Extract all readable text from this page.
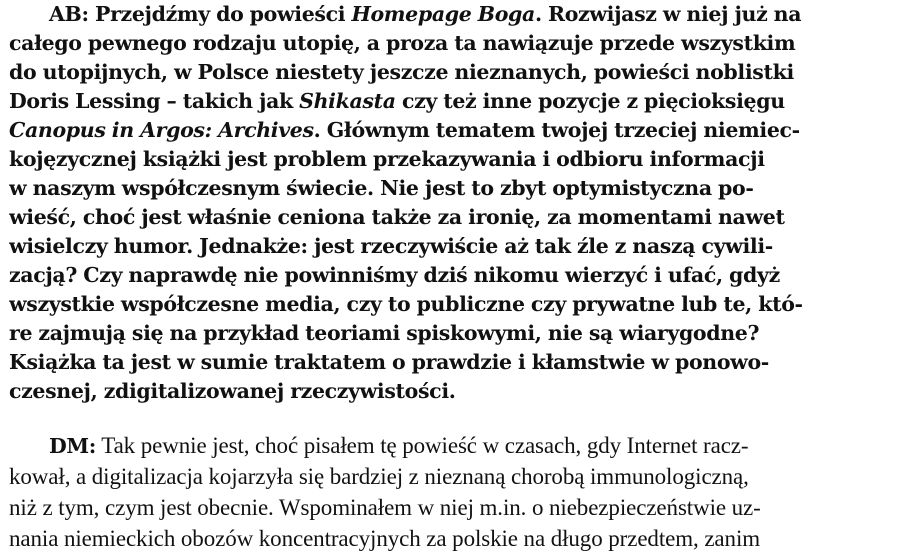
AB: Przejdźmy do powieści Homepage Boga. Rozwijasz w niej już na
całego pewnego rodzaju utopię, a proza ta nawiązuje przede wszystkim
do utopijnych, w Polsce niestety jeszcze nieznanych, powieści noblistki
Doris Lessing – takich jak Shikasta czy też inne pozycje z pięcioksięgu
Canopus in Argos: Archives. Głównym tematem twojej trzeciej niemiec-
kojęzycznej książki jest problem przekazywania i odbioru informacji
w naszym współczesnym świecie. Nie jest to zbyt optymistyczna po-
wieść, choć jest właśnie ceniona także za ironię, za momentami nawet
wisielczy humor. Jednakże: jest rzeczywiście aż tak źle z naszą cywili-
zacją? Czy naprawdę nie powinniśmy dziś nikomu wierzyć i ufać, gdyż
wszystkie współczesne media, czy to publiczne czy prywatne lub te, któ-
re zajmują się na przykład teoriami spiskowymi, nie są wiarygodne?
Książka ta jest w sumie traktatem o prawdzie i kłamstwie w ponowo-
czesnej, zdigitalizowanej rzeczywistości.
DM: Tak pewnie jest, choć pisałem tę powieść w czasach, gdy Internet racz-
kował, a digitalizacja kojarzyła się bardziej z nieznaną chorobą immunologiczną,
niż z tym, czym jest obecnie. Wspominałem w niej m.in. o niebezpieczeństwie uz-
nania niemieckich obozów koncentracyjnych za polskie na długo przedtem, zanim
